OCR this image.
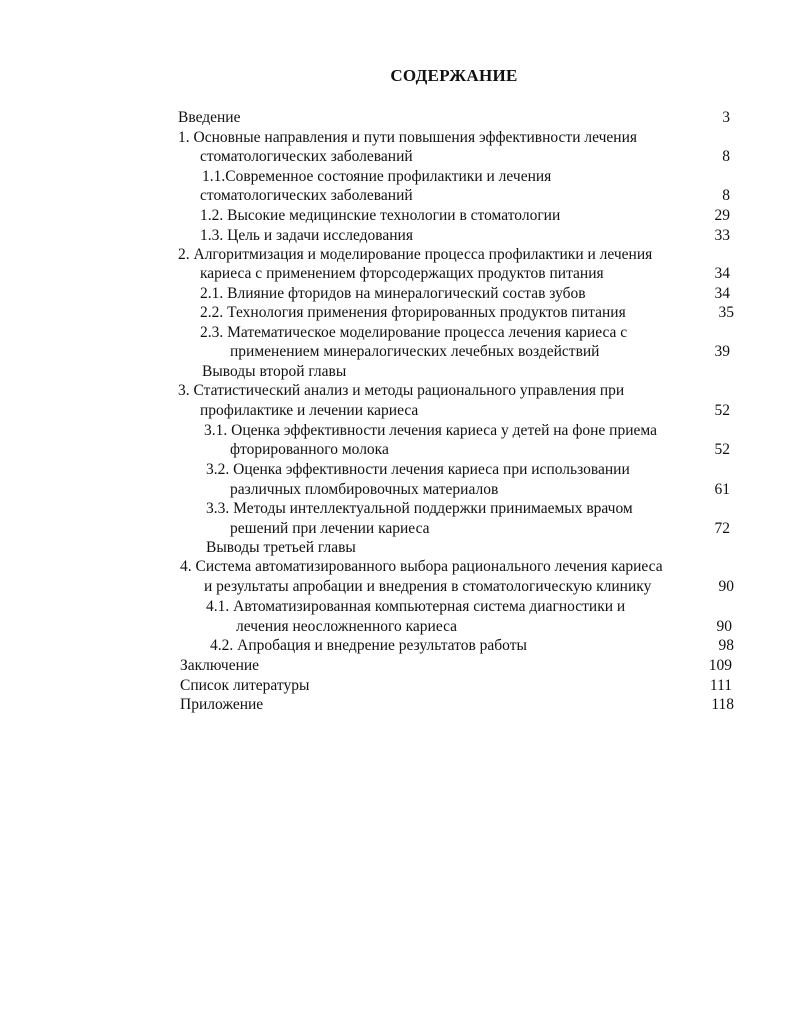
СОДЕРЖАНИЕ
Введение	3
1. Основные направления и пути повышения эффективности лечения
стоматологических заболеваний	8
1.1.Современное состояние профилактики и лечения
стоматологических заболеваний	8
1.2. Высокие медицинские технологии в стоматологии	29
1.3. Цель и задачи исследования	33
2. Алгоритмизация и моделирование процесса профилактики и лечения
кариеса с применением фторсодержащих продуктов питания	34
2.1. Влияние фторидов на минералогический состав зубов	34
2.2. Технология применения фторированных продуктов питания	35
2.3. Математическое моделирование процесса лечения кариеса с
применением минералогических лечебных воздействий	39
Выводы второй главы
3. Статистический анализ и методы рационального управления при
профилактике и лечении кариеса	52
3.1. Оценка эффективности лечения кариеса у детей на фоне приема
фторированного молока	52
3.2. Оценка эффективности лечения кариеса при использовании
различных пломбировочных материалов	61
3.3. Методы интеллектуальной поддержки принимаемых врачом
решений при лечении кариеса	72
Выводы третьей главы
4. Система автоматизированного выбора рационального лечения кариеса
и результаты апробации и внедрения в стоматологическую клинику	90
4.1. Автоматизированная компьютерная система диагностики и
лечения неосложненного кариеса	90
4.2. Апробация и внедрение результатов работы	98
Заключение	109
Список литературы	111
Приложение	118
